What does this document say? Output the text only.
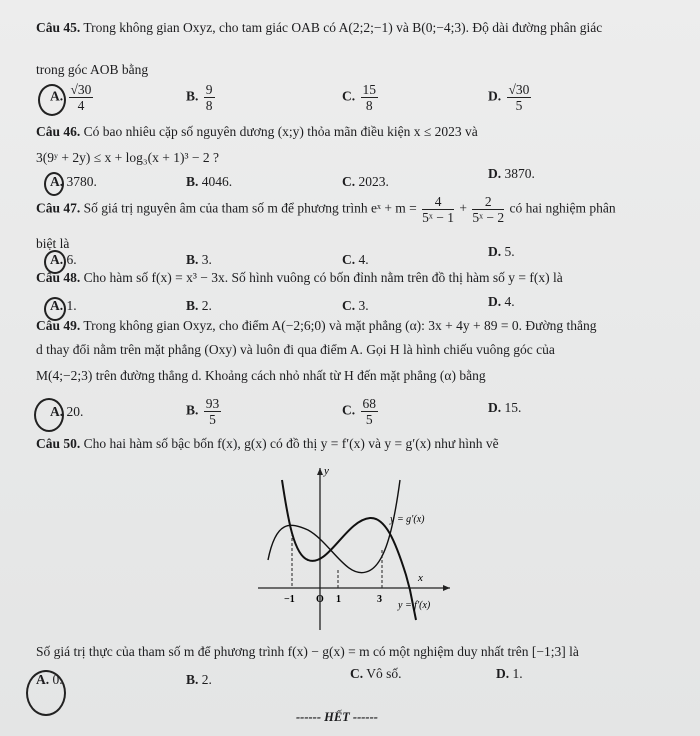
Câu 45. Trong không gian Oxyz, cho tam giác OAB có A(2;2;−1) và B(0;−4;3). Độ dài đường phân giác
trong góc AOB bằng
A. $\frac{√30}{4}$	B. $\frac{9}{8}$	C. $\frac{15}{8}$	D. $\frac{√30}{5}$
Câu 46. Có bao nhiêu cặp số nguyên dương (x;y) thỏa mãn điều kiện x ≤ 2023 và
3(9ʸ + 2y) ≤ x + log₃(x + 1)³ − 2 ?
A. 3780.	B. 4046.	C. 2023.
D. 3870.
Câu 47. Số giá trị nguyên âm của tham số m để phương trình eˣ + $m = \frac{4}{\text{5ˣ − 1}} + \frac{2}{\text{5ˣ − 2}}$ có hai nghiệm phân
biệt là
A. 6.	B. 3.	C. 4.
D. 5.
Câu 48. Cho hàm số f(x) = x³ − 3x. Số hình vuông có bốn đỉnh nằm trên đồ thị hàm số y = f(x) là
A. 1.	B. 2.	C. 3.	D. 4.
Câu 49. Trong không gian Oxyz, cho điểm A(−2;6;0) và mặt phẳng (α): 3x + 4y + 89 = 0. Đường thẳng
d thay đổi nằm trên mặt phẳng (Oxy) và luôn đi qua điểm A. Gọi H là hình chiếu vuông góc của
M(4;−2;3) trên đường thẳng d. Khoảng cách nhỏ nhất từ H đến mặt phẳng (α) bằng
A. 20.	B. $\frac{93}{5}$	C. $\frac{68}{5}$	D. 15.
Câu 50. Cho hai hàm số bậc bốn f(x), g(x) có đồ thị y = f′(x) và y = g′(x) như hình vẽ
y
x
O
−1	1	3
y = g′(x)
y = f′(x)
Số giá trị thực của tham số m để phương trình f(x) − g(x) = m có một nghiệm duy nhất trên [−1;3] là
A. 0.	B. 2.	C. Vô số.	D. 1.
------ HẾT ------
